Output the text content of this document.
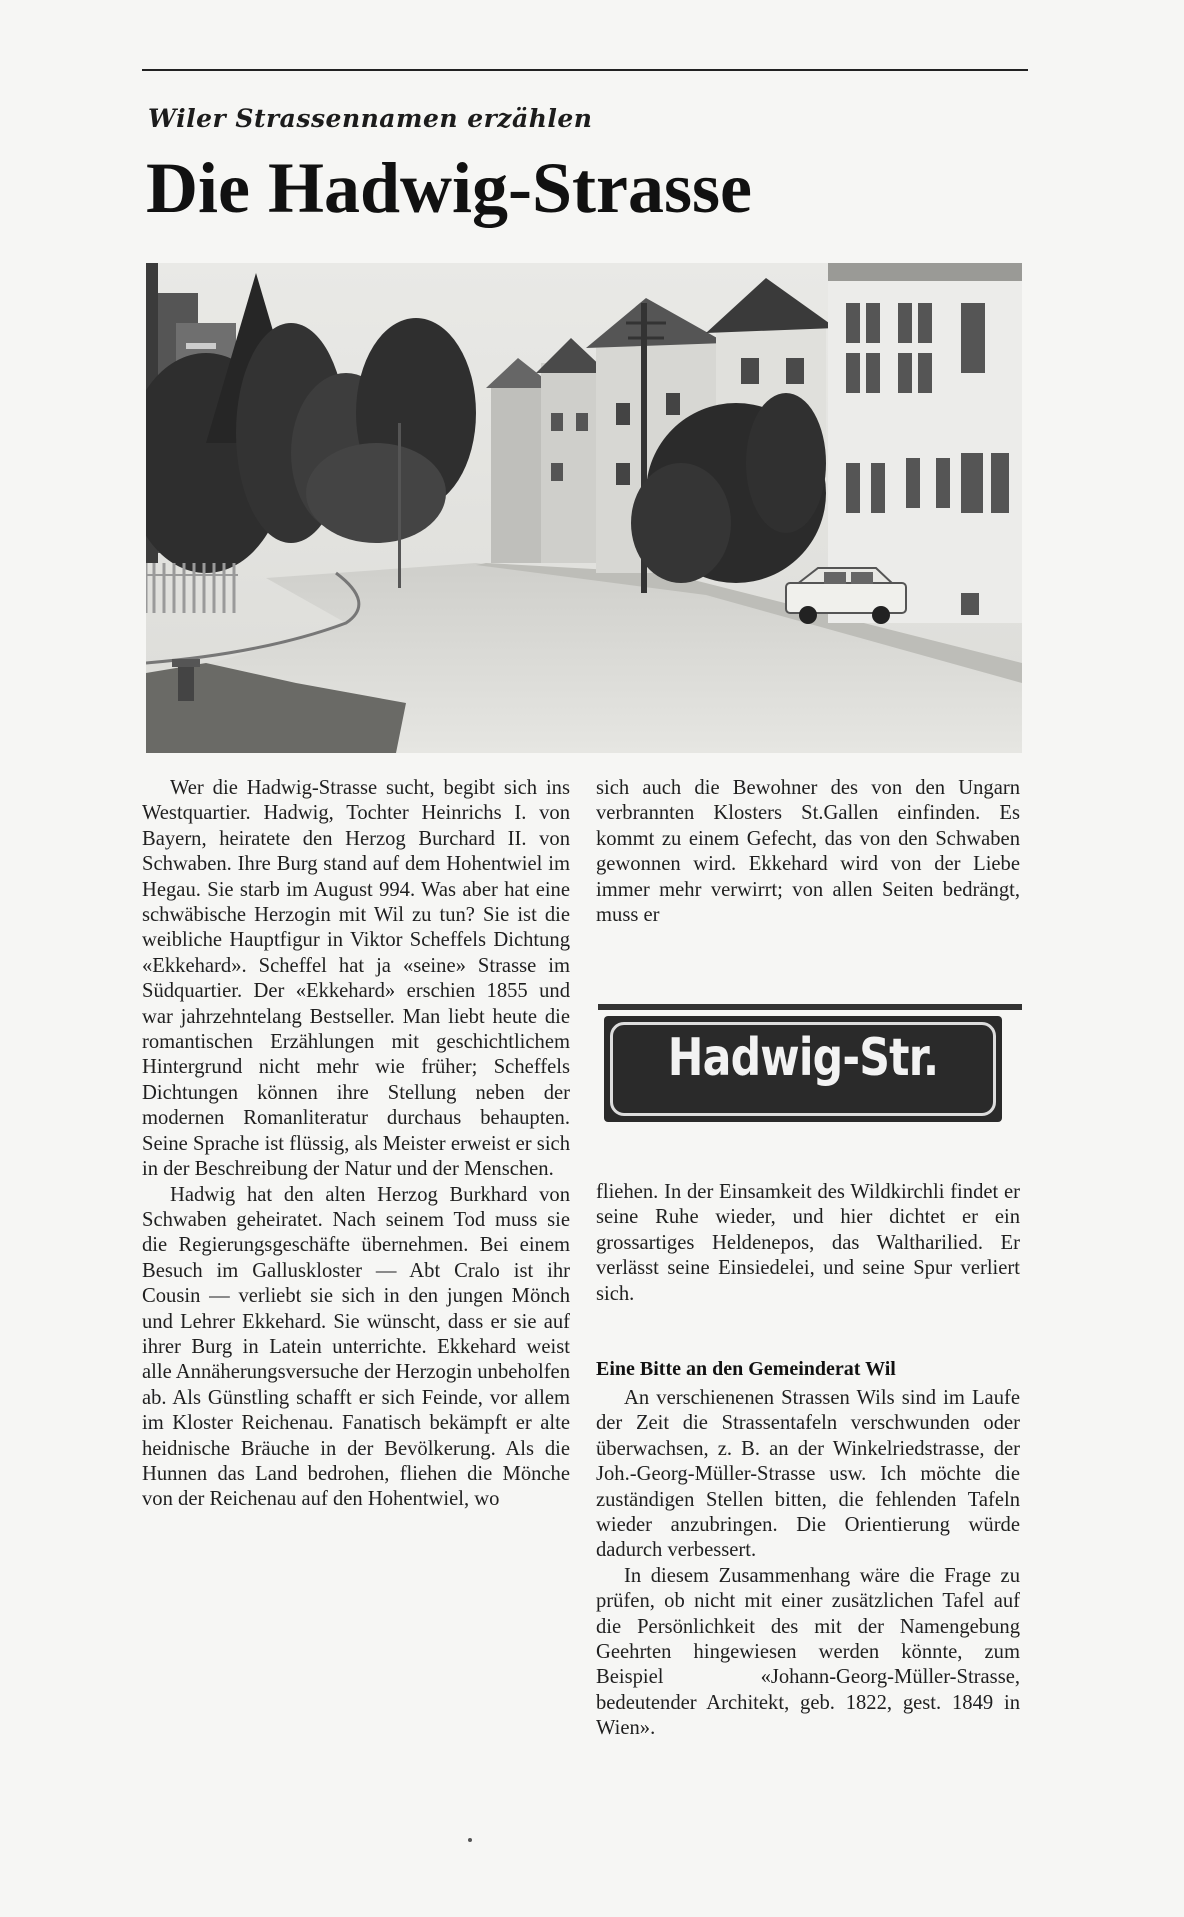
Wiler Strassennamen erzählen
Die Hadwig-Strasse

Wer die Hadwig-Strasse sucht, begibt sich ins Westquartier. Hadwig, Tochter Heinrichs I. von Bayern, heiratete den Herzog Burchard II. von Schwaben. Ihre Burg stand auf dem Hohentwiel im Hegau. Sie starb im August 994. Was aber hat eine schwäbische Herzogin mit Wil zu tun? Sie ist die weibliche Hauptfigur in Viktor Scheffels Dichtung «Ekkehard». Scheffel hat ja «seine» Strasse im Südquartier. Der «Ekkehard» erschien 1855 und war jahrzehntelang Bestseller. Man liebt heute die romantischen Erzählungen mit geschichtlichem Hintergrund nicht mehr wie früher; Scheffels Dichtungen können ihre Stellung neben der modernen Romanliteratur durchaus behaupten. Seine Sprache ist flüssig, als Meister erweist er sich in der Beschreibung der Natur und der Menschen.

Hadwig hat den alten Herzog Burkhard von Schwaben geheiratet. Nach seinem Tod muss sie die Regierungsgeschäfte übernehmen. Bei einem Besuch im Galluskloster — Abt Cralo ist ihr Cousin — verliebt sie sich in den jungen Mönch und Lehrer Ekkehard. Sie wünscht, dass er sie auf ihrer Burg in Latein unterrichte. Ekkehard weist alle Annäherungsversuche der Herzogin unbeholfen ab. Als Günstling schafft er sich Feinde, vor allem im Kloster Reichenau. Fanatisch bekämpft er alte heidnische Bräuche in der Bevölkerung. Als die Hunnen das Land bedrohen, fliehen die Mönche von der Reichenau auf den Hohentwiel, wo

sich auch die Bewohner des von den Ungarn verbrannten Klosters St.Gallen einfinden. Es kommt zu einem Gefecht, das von den Schwaben gewonnen wird. Ekkehard wird von der Liebe immer mehr verwirrt; von allen Seiten bedrängt, muss er

Hadwig-Str.

fliehen. In der Einsamkeit des Wildkirchli findet er seine Ruhe wieder, und hier dichtet er ein grossartiges Heldenepos, das Waltharilied. Er verlässt seine Einsiedelei, und seine Spur verliert sich.

Eine Bitte an den Gemeinderat Wil

An verschienenen Strassen Wils sind im Laufe der Zeit die Strassentafeln verschwunden oder überwachsen, z. B. an der Winkelriedstrasse, der Joh.-Georg-Müller-Strasse usw. Ich möchte die zuständigen Stellen bitten, die fehlenden Tafeln wieder anzubringen. Die Orientierung würde dadurch verbessert.

In diesem Zusammenhang wäre die Frage zu prüfen, ob nicht mit einer zusätzlichen Tafel auf die Persönlichkeit des mit der Namengebung Geehrten hingewiesen werden könnte, zum Beispiel «Johann-Georg-Müller-Strasse, bedeutender Architekt, geb. 1822, gest. 1849 in Wien».
